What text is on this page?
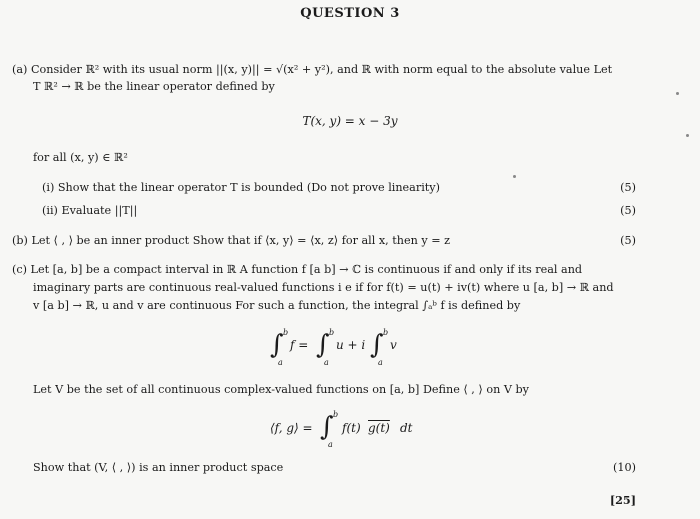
QUESTION 3
(a) Consider ℝ² with its usual norm ||(x, y)|| = √(x² + y²), and ℝ with norm equal to the absolute value Let
T ℝ² → ℝ be the linear operator defined by
T(x, y) = x − 3y
for all (x, y) ∈ ℝ²
(i) Show that the linear operator T is bounded (Do not prove linearity)	(5)
(ii) Evaluate ||T||	(5)
(b) Let ⟨ , ⟩ be an inner product Show that if ⟨x, y⟩ = ⟨x, z⟩ for all x, then y = z	(5)
(c) Let [a, b] be a compact interval in ℝ A function f [a b] → ℂ is continuous if and only if its real and
imaginary parts are continuous real-valued functions i e if for f(t) = u(t) + iv(t) where u [a, b] → ℝ and
v [a b] → ℝ, u and v are continuous For such a function, the integral ∫ₐᵇ f is defined by
∫ b
a
f = ∫ b
a
u + i ∫ b
a
v
Let V be the set of all continuous complex-valued functions on [a, b] Define ⟨ , ⟩ on V by
⟨f, g⟩ = ∫ b
a
f(t) g(t) dt
Show that (V, ⟨ , ⟩) is an inner product space	(10)
[25]
